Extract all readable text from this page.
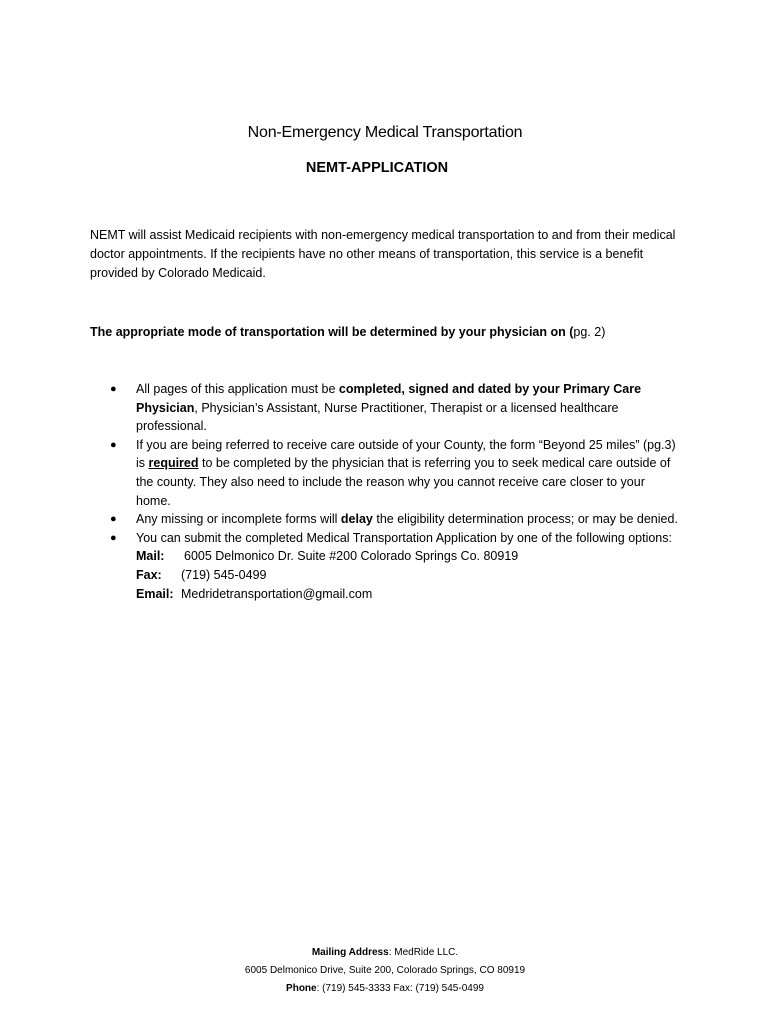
Non-Emergency Medical Transportation
NEMT-APPLICATION
NEMT will assist Medicaid recipients with non-emergency medical transportation to and from their medical doctor appointments. If the recipients have no other means of transportation, this service is a benefit provided by Colorado Medicaid.
The appropriate mode of transportation will be determined by your physician on (pg. 2)
● All pages of this application must be completed, signed and dated by your Primary Care Physician, Physician’s Assistant, Nurse Practitioner, Therapist or a licensed healthcare professional.
● If you are being referred to receive care outside of your County, the form “Beyond 25 miles” (pg.3) is required to be completed by the physician that is referring you to seek medical care outside of the county. They also need to include the reason why you cannot receive care closer to your home.
● Any missing or incomplete forms will delay the eligibility determination process; or may be denied.
● You can submit the completed Medical Transportation Application by one of the following options:
Mail: 6005 Delmonico Dr. Suite #200 Colorado Springs Co. 80919
Fax: (719) 545-0499
Email: Medridetransportation@gmail.com
Mailing Address: MedRide LLC.
6005 Delmonico Drive, Suite 200, Colorado Springs, CO 80919
Phone: (719) 545-3333 Fax: (719) 545-0499
